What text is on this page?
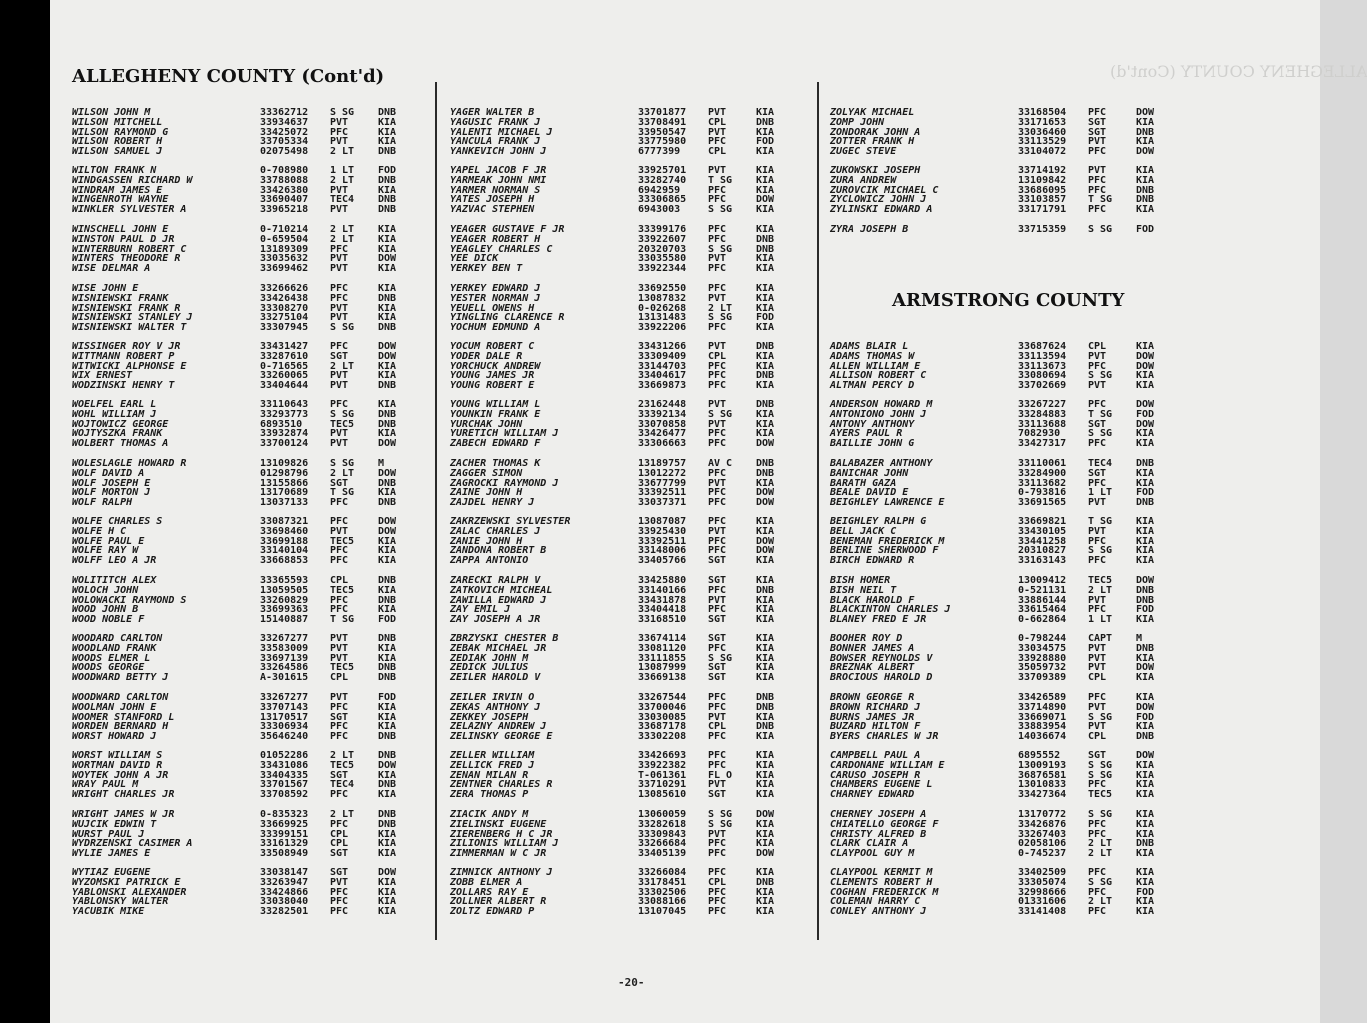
ALLEGHENY COUNTY (Cont'd)
ALLEGHENY COUNTY (Cont'd)
ARMSTRONG COUNTY
WILSON JOHN M	33362712 S SG DNB
WILSON MITCHELL	33934637 PVT	KIA
WILSON RAYMOND G	33425072 PFC	KIA
WILSON ROBERT H	33705334 PVT	KIA
WILSON SAMUEL J	02075498 2 LT DNB
WILTON FRANK N	0-708980 1 LT FOD
WINDGASSEN RICHARD W	33788088 2 LT DNB
WINDRAM JAMES E	33426380 PVT	KIA
WINGENROTH WAYNE	33690407 TEC4 DNB
WINKLER SYLVESTER A	33965218 PVT	DNB
WINSCHELL JOHN E	0-710214 2 LT KIA
WINSTON PAUL D JR	0-659504 2 LT KIA
WINTERBURN ROBERT C	13189309 PFC	KIA
WINTERS THEODORE R	33035632 PVT	DOW
WISE DELMAR A	33699462 PVT	KIA
WISE JOHN E	33266626 PFC	KIA
WISNIEWSKI FRANK	33426438 PFC	DNB
WISNIEWSKI FRANK R	33308270 PVT	KIA
WISNIEWSKI STANLEY J	33275104 PVT	KIA
WISNIEWSKI WALTER T	33307945 S SG DNB
WISSINGER ROY V JR	33431427 PFC	DOW
WITTMANN ROBERT P	33287610 SGT	DOW
WITWICKI ALPHONSE E	0-716565 2 LT KIA
WIX ERNEST	33260065 PVT	KIA
WODZINSKI HENRY T	33404644 PVT	DNB
WOELFEL EARL L	33110643 PFC	KIA
WOHL WILLIAM J	33293773 S SG DNB
WOJTOWICZ GEORGE	6893510	TEC5 DNB
WOJTYSZKA FRANK	33932874 PVT	KIA
WOLBERT THOMAS A	33700124 PVT	DOW
WOLESLAGLE HOWARD R	13109826 S SG M
WOLF DAVID A	01298796 2 LT DOW
WOLF JOSEPH E	13155866 SGT	DNB
WOLF MORTON J	13170689 T SG KIA
WOLF RALPH	13037133 PFC	DNB
WOLFE CHARLES S	33087321 PFC	DOW
WOLFE H C	33698460 PVT	DOW
WOLFE PAUL E	33699188 TEC5 KIA
WOLFE RAY W	33140104 PFC	KIA
WOLFF LEO A JR	33668853 PFC	KIA
WOLITITCH ALEX	33365593 CPL	DNB
WOLOCH JOHN	13059505 TEC5 KIA
WOLOWACKI RAYMOND S	33260829 PFC	DNB
WOOD JOHN B	33699363 PFC	KIA
WOOD NOBLE F	15140887 T SG FOD
WOODARD CARLTON	33267277 PVT	DNB
WOODLAND FRANK	33583009 PVT	KIA
WOODS ELMER L	33697139 PVT	KIA
WOODS GEORGE	33264586 TEC5 DNB
WOODWARD BETTY J	A-301615 CPL	DNB
WOODWARD CARLTON	33267277 PVT	FOD
WOOLMAN JOHN E	33707143 PFC	KIA
WOOMER STANFORD L	13170517 SGT	KIA
WORDEN BERNARD H	33306934 PFC	KIA
WORST HOWARD J	35646240 PFC	DNB
WORST WILLIAM S	01052286 2 LT DNB
WORTMAN DAVID R	33431086 TEC5 DOW
WOYTEK JOHN A JR	33404335 SGT	KIA
WRAY PAUL M	33701567 TEC4 DNB
WRIGHT CHARLES JR	33708592 PFC	KIA
WRIGHT JAMES W JR	0-835323 2 LT DNB
WUJCIK EDWIN T	33669925 PFC	DNB
WURST PAUL J	33399151 CPL	KIA
WYDRZENSKI CASIMER A	33161329 CPL	KIA
WYLIE JAMES E	33508949 SGT	KIA
WYTIAZ EUGENE	33038147 SGT	DOW
WYZOMSKI PATRICK E	33263947 PVT	KIA
YABLONSKI ALEXANDER	33424866 PFC	KIA
YABLONSKY WALTER	33038040 PFC	KIA
YACUBIK MIKE	33282501 PFC	KIA
YAGER WALTER B	33701877 PVT	KIA
YAGUSIC FRANK J	33708491 CPL	DNB
YALENTI MICHAEL J	33950547 PVT	KIA
YANCULA FRANK J	33775980 PFC	FOD
YANKEVICH JOHN J	6777399	CPL	KIA
YAPEL JACOB F JR	33925701 PVT	KIA
YARMEAK JOHN NMI	33282740 T SG KIA
YARMER NORMAN S	6942959	PFC	KIA
YATES JOSEPH H	33306865 PFC	DOW
YAZVAC STEPHEN	6943003	S SG KIA
YEAGER GUSTAVE F JR	33399176 PFC	KIA
YEAGER ROBERT H	33922607 PFC	DNB
YEAGLEY CHARLES C	20320703 S SG DNB
YEE DICK	33035580 PVT	KIA
YERKEY BEN T	33922344 PFC	KIA
YERKEY EDWARD J	33692550 PFC	KIA
YESTER NORMAN J	13087832 PVT	KIA
YEUELL OWENS H	0-026268 2 LT KIA
YINGLING CLARENCE R	13131483 S SG FOD
YOCHUM EDMUND A	33922206 PFC	KIA
YOCUM ROBERT C	33431266 PVT	DNB
YODER DALE R	33309409 CPL	KIA
YORCHUCK ANDREW	33144703 PFC	KIA
YOUNG JAMES JR	33404617 PFC	DNB
YOUNG ROBERT E	33669873 PFC	KIA
YOUNG WILLIAM L	23162448 PVT	DNB
YOUNKIN FRANK E	33392134 S SG KIA
YURCHAK JOHN	33070858 PVT	KIA
YURETICH WILLIAM J	33426477 PFC	KIA
ZABECH EDWARD F	33306663 PFC	DOW
ZACHER THOMAS K	13189757 AV C DNB
ZAGGER SIMON	13012272 PFC	DNB
ZAGROCKI RAYMOND J	33677799 PVT	KIA
ZAINE JOHN H	33392511 PFC	DOW
ZAJDEL HENRY J	33037371 PFC	DOW
ZAKRZEWSKI SYLVESTER	13087087 PFC	KIA
ZALAC CHARLES J	33925430 PVT	KIA
ZANIE JOHN H	33392511 PFC	DOW
ZANDONA ROBERT B	33148006 PFC	DOW
ZAPPA ANTONIO	33405766 SGT	KIA
ZARECKI RALPH V	33425880 SGT	KIA
ZATKOVICH MICHEAL	33140166 PFC	DNB
ZAWILLA EDWARD J	33431878 PVT	KIA
ZAY EMIL J	33404418 PFC	KIA
ZAY JOSEPH A JR	33168510 SGT	KIA
ZBRZYSKI CHESTER B	33674114 SGT	KIA
ZEBAK MICHAEL JR	33081120 PFC	KIA
ZEDIAK JOHN M	33111855 S SG KIA
ZEDICK JULIUS	13087999 SGT	KIA
ZEILER HAROLD V	33669138 SGT	KIA
ZEILER IRVIN O	33267544 PFC	DNB
ZEKAS ANTHONY J	33700046 PFC	DNB
ZEKKEY JOSEPH	33030085 PVT	KIA
ZELAZNY ANDREW J	33687178 CPL	DNB
ZELINSKY GEORGE E	33302208 PFC	KIA
ZELLER WILLIAM	33426693 PFC	KIA
ZELLICK FRED J	33922382 PFC	KIA
ZENAN MILAN R	T-061361 FL O KIA
ZENTNER CHARLES R	33710291 PVT	KIA
ZERA THOMAS P	13085610 SGT	KIA
ZIACIK ANDY M	13060059 S SG DOW
ZIELINSKI EUGENE	33282618 S SG KIA
ZIERENBERG H C JR	33309843 PVT	KIA
ZILIONIS WILLIAM J	33266684 PFC	KIA
ZIMMERMAN W C JR	33405139 PFC	DOW
ZIMNICK ANTHONY J	33266084 PFC	KIA
ZOBB ELMER A	33178451 CPL	DNB
ZOLLARS RAY E	33302506 PFC	KIA
ZOLLNER ALBERT R	33088166 PFC	KIA
ZOLTZ EDWARD P	13107045 PFC	KIA
ZOLYAK MICHAEL	33168504 PFC	DOW
ZOMP JOHN	33171653 SGT	KIA
ZONDORAK JOHN A	33036460 SGT	DNB
ZOTTER FRANK H	33113529 PVT	KIA
ZUGEC STEVE	33104072 PFC	DOW
ZUKOWSKI JOSEPH	33714192 PVT	KIA
ZURA ANDREW	13109842 PFC	KIA
ZUROVCIK MICHAEL C	33686095 PFC	DNB
ZYCLOWICZ JOHN J	33103857 T SG DNB
ZYLINSKI EDWARD A	33171791 PFC	KIA
ZYRA JOSEPH B	33715359 S SG FOD
ADAMS BLAIR L	33687624 CPL	KIA
ADAMS THOMAS W	33113594 PVT	DOW
ALLEN WILLIAM E	33113673 PFC	DOW
ALLISON ROBERT C	33080694 S SG KIA
ALTMAN PERCY D	33702669 PVT	KIA
ANDERSON HOWARD M	33267227 PFC	DOW
ANTONIONO JOHN J	33284883 T SG FOD
ANTONY ANTHONY	33113688 SGT	DOW
AYERS PAUL R	7082930	S SG KIA
BAILLIE JOHN G	33427317 PFC	KIA
BALABAZER ANTHONY	33110061 TEC4 DNB
BANICHAR JOHN	33284900 SGT	KIA
BARATH GAZA	33113682 PFC	KIA
BEALE DAVID E	0-793816 1 LT FOD
BEIGHLEY LAWRENCE E	33691565 PVT	DNB
BEIGHLEY RALPH G	33669821 T SG KIA
BELL JACK C	33430105 PVT	KIA
BENEMAN FREDERICK M	33441258 PFC	KIA
BERLINE SHERWOOD F	20310827 S SG KIA
BIRCH EDWARD R	33163143 PFC	KIA
BISH HOMER	13009412 TEC5 DOW
BISH NEIL T	0-521131 2 LT DNB
BLACK HAROLD F	33886144 PVT	DNB
BLACKINTON CHARLES J	33615464 PFC	FOD
BLANEY FRED E JR	0-662864 1 LT KIA
BOOHER ROY D	0-798244 CAPT M
BONNER JAMES A	33034575 PVT	DNB
BOWSER REYNOLDS V	33928880 PVT	KIA
BREZNAK ALBERT	35059732 PVT	DOW
BROCIOUS HAROLD D	33709389 CPL	KIA
BROWN GEORGE R	33426589 PFC	KIA
BROWN RICHARD J	33714890 PVT	DOW
BURNS JAMES JR	33669071 S SG FOD
BUZARD HILTON F	33883954 PVT	KIA
BYERS CHARLES W JR	14036674 CPL	DNB
CAMPBELL PAUL A	6895552	SGT	DOW
CARDONANE WILLIAM E	13009193 S SG KIA
CARUSO JOSEPH R	36876581 S SG KIA
CHAMBERS EUGENE L	13010833 PFC	KIA
CHARNEY EDWARD	33427364 TEC5 KIA
CHERNEY JOSEPH A	13170772 S SG KIA
CHIATELLO GEORGE F	33426876 PFC	KIA
CHRISTY ALFRED B	33267403 PFC	KIA
CLARK CLAIR A	02058106 2 LT DNB
CLAYPOOL GUY M	0-745237 2 LT KIA
CLAYPOOL KERMIT M	33402509 PFC	KIA
CLEMENTS ROBERT H	33305074 S SG KIA
COGHAN FREDERICK M	32998666 PFC	FOD
COLEMAN HARRY C	01331606 2 LT KIA
CONLEY ANTHONY J	33141408 PFC	KIA
-20-
